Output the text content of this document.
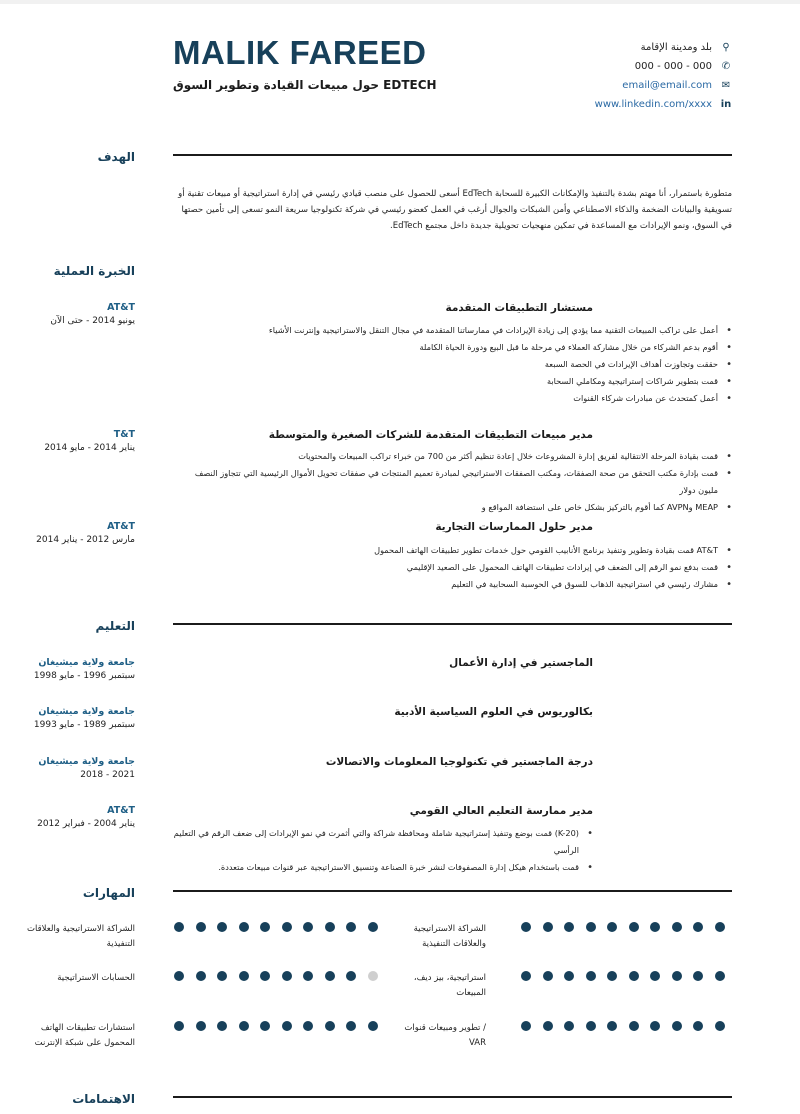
MALIK FAREED
حول مبيعات القيادة وتطوير السوق EDTECH
بلد ومدينة الإقامة ⚲
000 - 000 - 000 ✆
email@email.com ✉
www.linkedin.com/xxxx in
الهدف
متطورة باستمرار، أنا مهتم بشدة بالتنفيذ والإمكانات الكبيرة للسحابة EdTech أسعى للحصول على منصب قيادي رئيسي في إدارة استراتيجية أو مبيعات تقنية أو تسويقية والبيانات الضخمة والذكاء الاصطناعي وأمن الشبكات والجوال أرغب في العمل كعضو رئيسي في شركة تكنولوجيا سريعة النمو تسعى إلى تأمين حصتها في السوق، ونمو الإيرادات مع المساعدة في تمكين منهجيات تحويلية جديدة داخل مجتمع EdTech.
الخبرة العملية
AT&T
يونيو 2014 - حتى الآن
مستشار التطبيقات المتقدمة
• أعمل على تراكب المبيعات التقنية مما يؤدي إلى زيادة الإيرادات في ممارساتنا المتقدمة في مجال التنقل والاستراتيجية وإنترنت الأشياء
• أقوم بدعم الشركاء من خلال مشاركة العملاء في مرحلة ما قبل البيع ودورة الحياة الكاملة
• حققت وتجاوزت أهداف الإيرادات في الحصة السبعة
• قمت بتطوير شراكات إستراتيجية ومكاملي السحابة
• أعمل كمتحدث عن مبادرات شركاء القنوات
T&T
يناير 2014 - مايو 2014
مدير مبيعات التطبيقات المتقدمة للشركات الصغيرة والمتوسطة
• قمت بقيادة المرحلة الانتقالية لفريق إدارة المشروعات خلال إعادة تنظيم أكثر من 700 من خبراء تراكب المبيعات والمحتويات
• قمت بإدارة مكتب التحقق من صحة الصفقات، ومكتب الصفقات الاستراتيجي لمبادرة تعميم المنتجات في صفقات تحويل الأموال الرئيسية التي تتجاوز النصف مليون دولار
• MEAP وAVPN كما أقوم بالتركيز بشكل خاص على استضافة المواقع و
AT&T
مارس 2012 - يناير 2014
مدير حلول الممارسات التجارية
• AT&T قمت بقيادة وتطوير وتنفيذ برنامج الأنابيب القومي حول خدمات تطوير تطبيقات الهاتف المحمول
• قمت بدفع نمو الرقم إلى الضعف في إيرادات تطبيقات الهاتف المحمول على الصعيد الإقليمي
• مشارك رئيسي في استراتيجية الذهاب للسوق في الحوسبة السحابية في التعليم
التعليم
جامعة ولاية ميشيغان
سبتمبر 1996 - مايو 1998
الماجستير في إدارة الأعمال
جامعة ولاية ميشيغان
سبتمبر 1989 - مايو 1993
بكالوريوس في العلوم السياسية الأدبية
جامعة ولاية ميشيغان
2018 - 2021
درجة الماجستير في تكنولوجيا المعلومات والاتصالات
AT&T
يناير 2004 - فبراير 2012
مدير ممارسة التعليم العالي القومي
• (K-20) قمت بوضع وتنفيذ إستراتيجية شاملة ومحافظة شراكة والتي أثمرت في نمو الإيرادات إلى ضعف الرقم في التعليم الرأسي
• قمت باستخدام هيكل إدارة المصفوفات لنشر خبرة الصناعة وتنسيق الاستراتيجية عبر قنوات مبيعات متعددة.
المهارات
الشراكة الاستراتيجية والعلاقات التنفيذية
الشراكة الاستراتيجية والعلاقات التنفيذية
الحسابات الاستراتيجية	استراتيجية، بيز ديف، المبيعات
استشارات تطبيقات الهاتف المحمول على شبكة الإنترنت
/ تطوير ومبيعات قنوات VAR
الاهتمامات
